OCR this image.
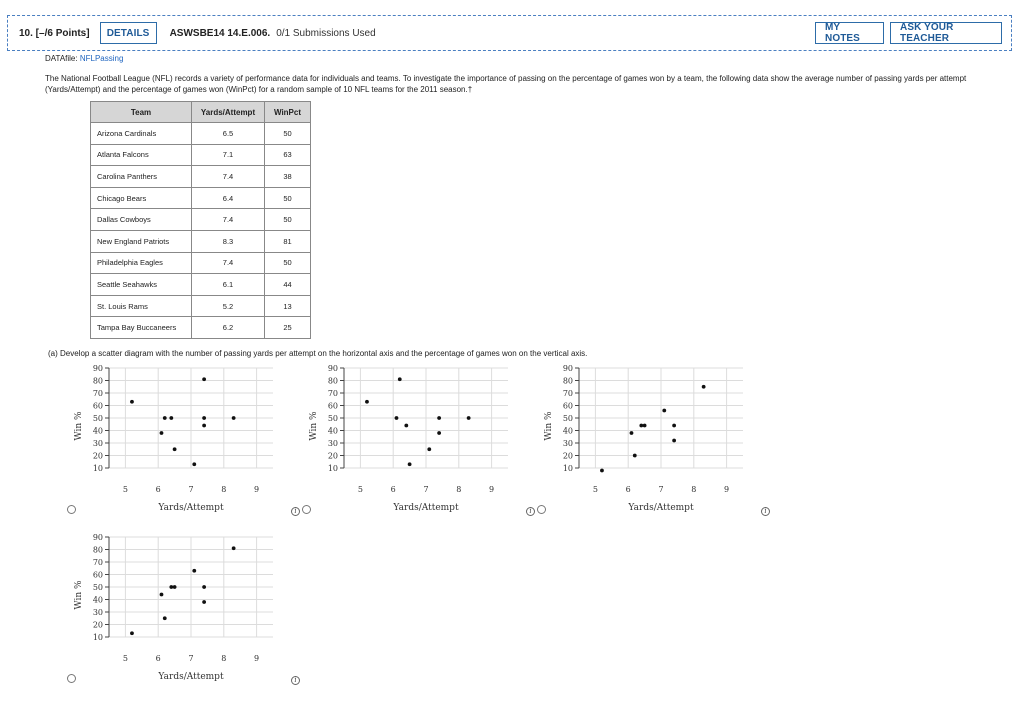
10. [–/6 Points]	DETAILS	ASWSBE14 14.E.006. 0/1 Submissions Used	MY NOTES
ASK YOUR TEACHER
DATAfile: NFLPassing
The National Football League (NFL) records a variety of performance data for individuals and teams. To investigate the importance of passing on the percentage of games won by a team, the following data show the average number of passing yards per attempt (Yards/Attempt) and the percentage of games won (WinPct) for a random sample of 10 NFL teams for the 2011 season.†
Team	Yards/Attempt	WinPct
Arizona Cardinals	6.5	50
Atlanta Falcons	7.1	63
Carolina Panthers	7.4	38
Chicago Bears	6.4	50
Dallas Cowboys	7.4	50
New England Patriots	8.3	81
Philadelphia Eagles	7.4	50
Seattle Seahawks	6.1	44
St. Louis Rams	5.2	13
Tampa Bay Buccaneers	6.2	25
(a) Develop a scatter diagram with the number of passing yards per attempt on the horizontal axis and the percentage of games won on the vertical axis.
10
20
30
40
50
60
70
80
90
5	6	7	8	9
Yards/Attempt
Win %
10
20
30
40
50
60
70
80
90
5	6	7	8	9
Yards/Attempt
Win %
10
20
30
40
50
60
70
80
90
5	6	7	8	9
Yards/Attempt
Win %
10
20
30
40
50
60
70
80
90
5	6	7	8	9
Yards/Attempt
Win %
i	i	i
i
